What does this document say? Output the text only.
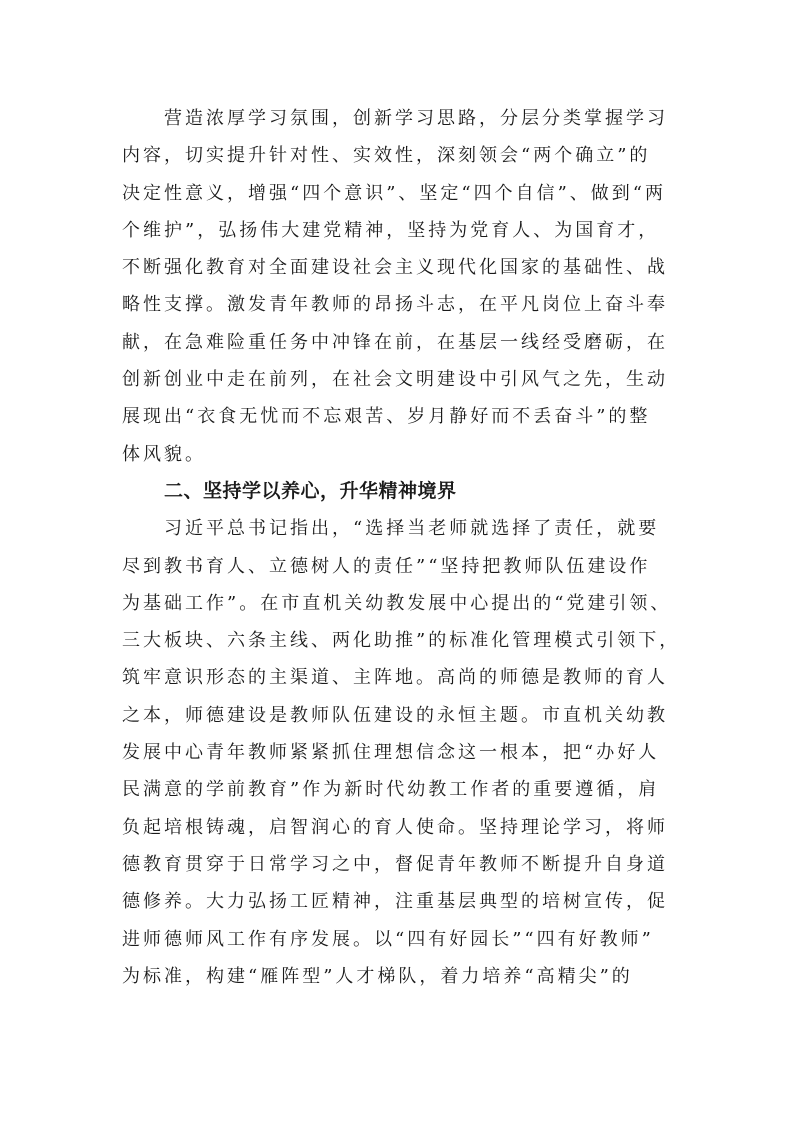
营造浓厚学习氛围，创新学习思路，分层分类掌握学习
内容，切实提升针对性、实效性，深刻领会“两个确立”的
决定性意义，增强“四个意识”、坚定“四个自信”、做到“两
个维护”，弘扬伟大建党精神，坚持为党育人、为国育才，
不断强化教育对全面建设社会主义现代化国家的基础性、战
略性支撑。激发青年教师的昂扬斗志，在平凡岗位上奋斗奉
献，在急难险重任务中冲锋在前，在基层一线经受磨砺，在
创新创业中走在前列，在社会文明建设中引风气之先，生动
展现出“衣食无忧而不忘艰苦、岁月静好而不丢奋斗”的整
体风貌。
二、坚持学以养心，升华精神境界
习近平总书记指出，“选择当老师就选择了责任，就要
尽到教书育人、立德树人的责任”“坚持把教师队伍建设作
为基础工作”。在市直机关幼教发展中心提出的“党建引领、
三大板块、六条主线、两化助推”的标准化管理模式引领下，
筑牢意识形态的主渠道、主阵地。高尚的师德是教师的育人
之本，师德建设是教师队伍建设的永恒主题。市直机关幼教
发展中心青年教师紧紧抓住理想信念这一根本，把“办好人
民满意的学前教育”作为新时代幼教工作者的重要遵循，肩
负起培根铸魂，启智润心的育人使命。坚持理论学习，将师
德教育贯穿于日常学习之中，督促青年教师不断提升自身道
德修养。大力弘扬工匠精神，注重基层典型的培树宣传，促
进师德师风工作有序发展。以“四有好园长”“四有好教师”
为标准，构建“雁阵型”人才梯队，着力培养“高精尖”的
